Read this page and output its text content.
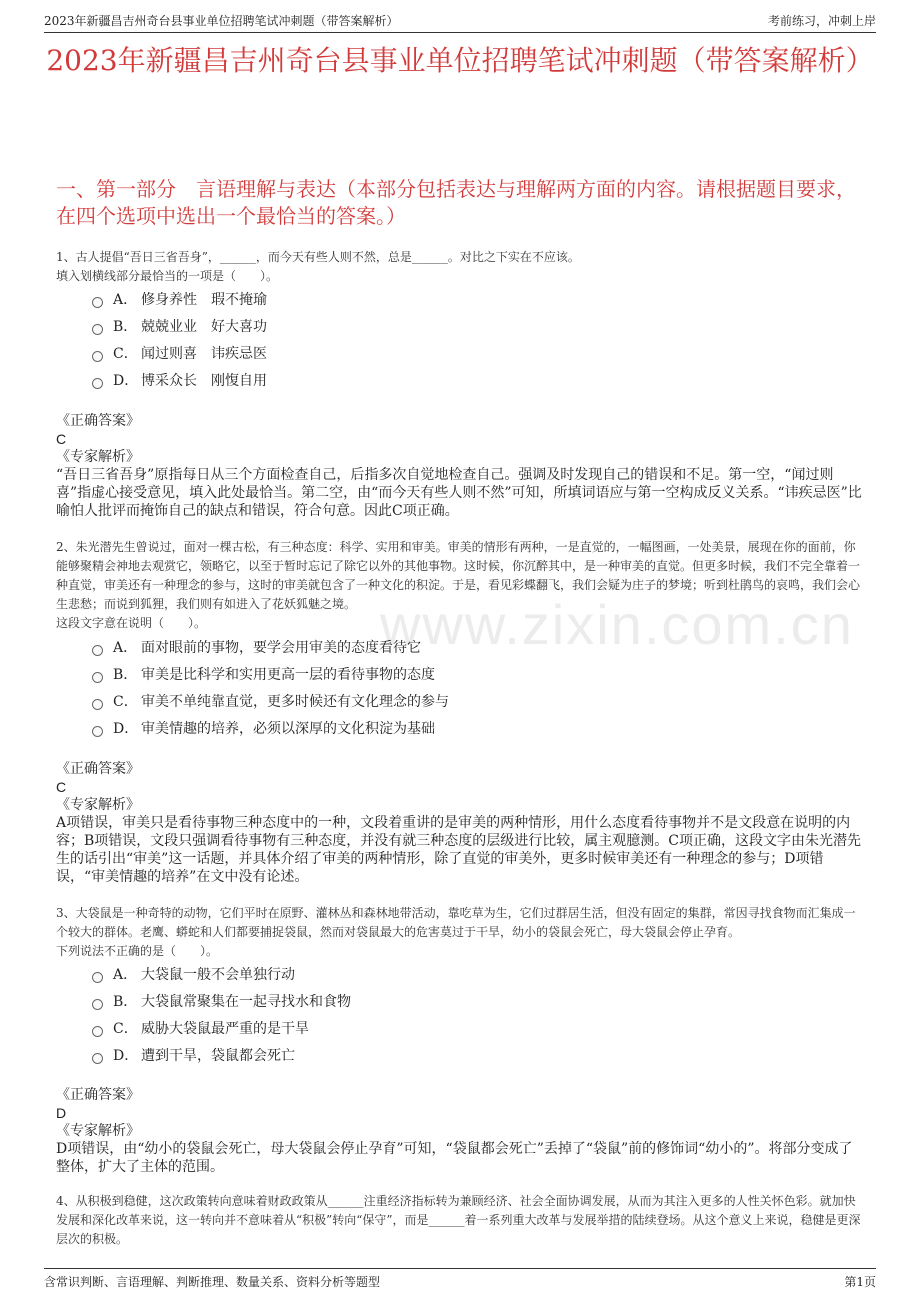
2023年新疆昌吉州奇台县事业单位招聘笔试冲刺题（带答案解析）	考前练习，冲刺上岸
2023年新疆昌吉州奇台县事业单位招聘笔试冲刺题（带答案解析）
一、第一部分　言语理解与表达（本部分包括表达与理解两方面的内容。请根据题目要求，在四个选项中选出一个最恰当的答案。）
www.zixin.com.cn

1、古人提倡“吾日三省吾身”，______，而今天有些人则不然，总是______。对比之下实在不应该。

填入划横线部分最恰当的一项是（　　）。

A． 修身养性　瑕不掩瑜
B． 兢兢业业　好大喜功
C． 闻过则喜　讳疾忌医
D． 博采众长　刚愎自用
《正确答案》
C
《专家解析》

“吾日三省吾身”原指每日从三个方面检查自己，后指多次自觉地检查自己。强调及时发现自己的错误和不足。第一空，“闻过则喜”指虚心接受意见，填入此处最恰当。第二空，由“而今天有些人则不然”可知，所填词语应与第一空构成反义关系。“讳疾忌医”比喻怕人批评而掩饰自己的缺点和错误，符合句意。因此C项正确。

2、朱光潜先生曾说过，面对一棵古松，有三种态度：科学、实用和审美。审美的情形有两种，一是直觉的，一幅图画，一处美景，展现在你的面前，你能够聚精会神地去观赏它，领略它，以至于暂时忘记了除它以外的其他事物。这时候，你沉醉其中，是一种审美的直觉。但更多时候，我们不完全靠着一种直觉，审美还有一种理念的参与，这时的审美就包含了一种文化的积淀。于是，看见彩蝶翻飞，我们会疑为庄子的梦境；听到杜鹃鸟的哀鸣，我们会心生悲愁；而说到狐狸，我们则有如进入了花妖狐魅之境。

这段文字意在说明（　　）。

A． 面对眼前的事物，要学会用审美的态度看待它
B． 审美是比科学和实用更高一层的看待事物的态度
C． 审美不单纯靠直觉，更多时候还有文化理念的参与
D． 审美情趣的培养，必须以深厚的文化积淀为基础
《正确答案》
C
《专家解析》

A项错误，审美只是看待事物三种态度中的一种，文段着重讲的是审美的两种情形，用什么态度看待事物并不是文段意在说明的内容；B项错误，文段只强调看待事物有三种态度，并没有就三种态度的层级进行比较，属主观臆测。C项正确，这段文字由朱光潜先生的话引出“审美”这一话题，并具体介绍了审美的两种情形，除了直觉的审美外，更多时候审美还有一种理念的参与；D项错误，“审美情趣的培养”在文中没有论述。

3、大袋鼠是一种奇特的动物，它们平时在原野、灌林丛和森林地带活动，靠吃草为生，它们过群居生活，但没有固定的集群，常因寻找食物而汇集成一个较大的群体。老鹰、蟒蛇和人们都要捕捉袋鼠，然而对袋鼠最大的危害莫过于干旱，幼小的袋鼠会死亡，母大袋鼠会停止孕育。

下列说法不正确的是（　　）。

A． 大袋鼠一般不会单独行动
B． 大袋鼠常聚集在一起寻找水和食物
C． 威胁大袋鼠最严重的是干旱
D． 遭到干旱，袋鼠都会死亡
《正确答案》
D
《专家解析》

D项错误，由“幼小的袋鼠会死亡，母大袋鼠会停止孕育”可知，“袋鼠都会死亡”丢掉了“袋鼠”前的修饰词“幼小的”。将部分变成了整体，扩大了主体的范围。

4、从积极到稳健，这次政策转向意味着财政政策从______注重经济指标转为兼顾经济、社会全面协调发展，从而为其注入更多的人性关怀色彩。就加快发展和深化改革来说，这一转向并不意味着从“积极”转向“保守”，而是______着一系列重大改革与发展举措的陆续登场。从这个意义上来说，稳健是更深层次的积极。

含常识判断、言语理解、判断推理、数量关系、资料分析等题型	第1页
